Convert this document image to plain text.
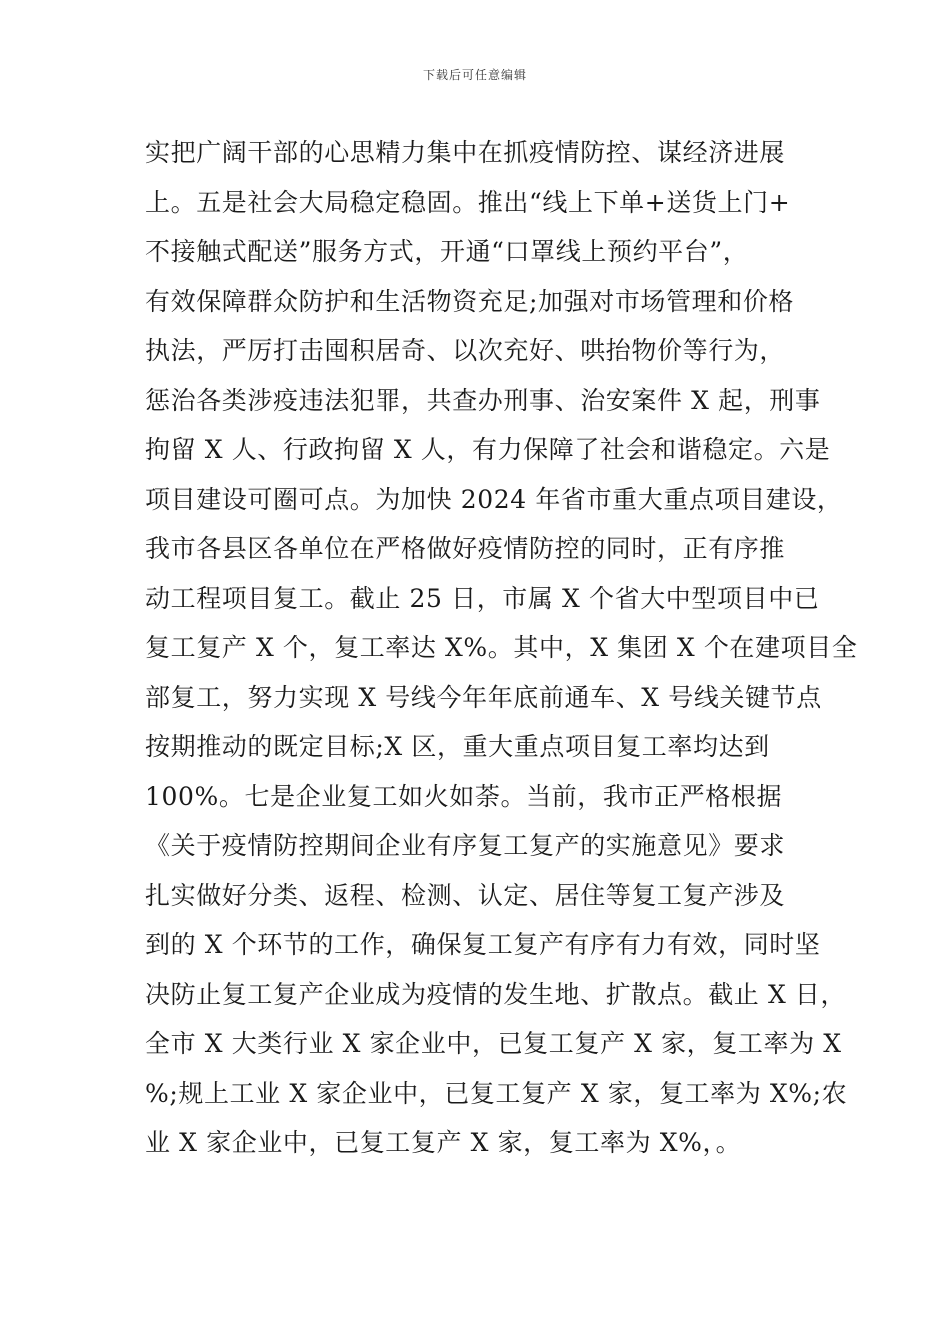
下载后可任意编辑
实把广阔干部的心思精力集中在抓疫情防控、谋经济进展
上。五是社会大局稳定稳固。推出“线上下单+送货上门+
不接触式配送”服务方式，开通“口罩线上预约平台”，
有效保障群众防护和生活物资充足;加强对市场管理和价格
执法，严厉打击囤积居奇、以次充好、哄抬物价等行为，
惩治各类涉疫违法犯罪，共查办刑事、治安案件 X 起，刑事
拘留 X 人、行政拘留 X 人，有力保障了社会和谐稳定。六是
项目建设可圈可点。为加快 2024 年省市重大重点项目建设，
我市各县区各单位在严格做好疫情防控的同时，正有序推
动工程项目复工。截止 25 日，市属 X 个省大中型项目中已
复工复产 X 个，复工率达 X%。其中，X 集团 X 个在建项目全
部复工，努力实现 X 号线今年年底前通车、X 号线关键节点
按期推动的既定目标;X 区，重大重点项目复工率均达到
100%。七是企业复工如火如荼。当前，我市正严格根据
《关于疫情防控期间企业有序复工复产的实施意见》要求
扎实做好分类、返程、检测、认定、居住等复工复产涉及
到的 X 个环节的工作，确保复工复产有序有力有效，同时坚
决防止复工复产企业成为疫情的发生地、扩散点。截止 X 日，
全市 X 大类行业 X 家企业中，已复工复产 X 家，复工率为 X
%;规上工业 X 家企业中，已复工复产 X 家，复工率为 X%;农
业 X 家企业中，已复工复产 X 家，复工率为 X%，。
